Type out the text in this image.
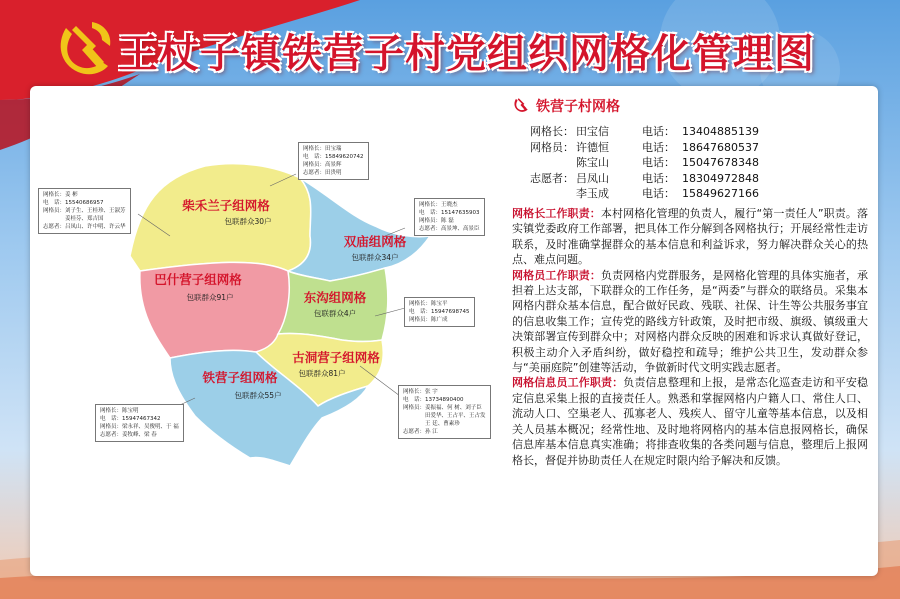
王杖子镇铁营子村党组织网格化管理图
柴禾兰子组网格
包联群众30户
双庙组网格
包联群众34户
巴什营子组网格
包联群众91户	东沟组网格
包联群众4户
古洞营子组网格
包联群众81户
铁营子组网格
包联群众55户
网格长：田宝瑞
电　话：15849620742
网格员：高景辉
志愿者：田贵明
网格长：王晓杰
电　话：15147635903
网格员：陈 磊
志愿者：高景坤、高景臣
网格长：姜 彬
电　话：15540686957
网格员：刘子生、王桂珍、王淑芳
　　　　姜桂芬、郑吉国
志愿者：吕凤山、许中明、许云华
网格长：陈宝平
电　话：15947698745
网格员：陈广成
网格长：张 宇
电　话：13734890400
网格员：姜振福、何 树、刘子臣
　　　　田爱华、王占平、王占发
　　　　王 廷、曹素珍
志愿者：孙 江
网格长：陈宝明
电　话：15947467342
网格员：梁永祥、吴俊明、于 福
志愿者：姜牧峰、梁 春
铁营子村网格
网格长： 田宝信	电话： 13404885139
网格员： 许德恒	电话： 18647680537
陈宝山	电话： 15047678348
志愿者： 吕凤山	电话： 18304972848
李玉成	电话： 15849627166

网格长工作职责：本村网格化管理的负责人，履行“第一责任人”职责。落实镇党委政府工作部署，把具体工作分解到各网格执行；开展经常性走访联系，及时准确掌握群众的基本信息和利益诉求，努力解决群众关心的热点、难点问题。

网格员工作职责：负责网格内党群服务，是网格化管理的具体实施者，承担着上达支部，下联群众的工作任务，是“两委”与群众的联络员。采集本网格内群众基本信息，配合做好民政、残联、社保、计生等公共服务事宜的信息收集工作；宣传党的路线方针政策，及时把市级、旗级、镇级重大决策部署宣传到群众中；对网格内群众反映的困难和诉求认真做好登记，积极主动介入矛盾纠纷，做好稳控和疏导；维护公共卫生，发动群众参与“美丽庭院”创建等活动，争做新时代文明实践志愿者。

网格信息员工作职责：负责信息整理和上报，是常态化巡查走访和平安稳定信息采集上报的直接责任人。熟悉和掌握网格内户籍人口、常住人口、流动人口、空巢老人、孤寡老人、残疾人、留守儿童等基本信息，以及相关人员基本概况；经常性地、及时地将网格内的基本信息报网格长，确保信息库基本信息真实准确；将排查收集的各类问题与信息，整理后上报网格长，督促并协助责任人在规定时限内给予解决和反馈。
